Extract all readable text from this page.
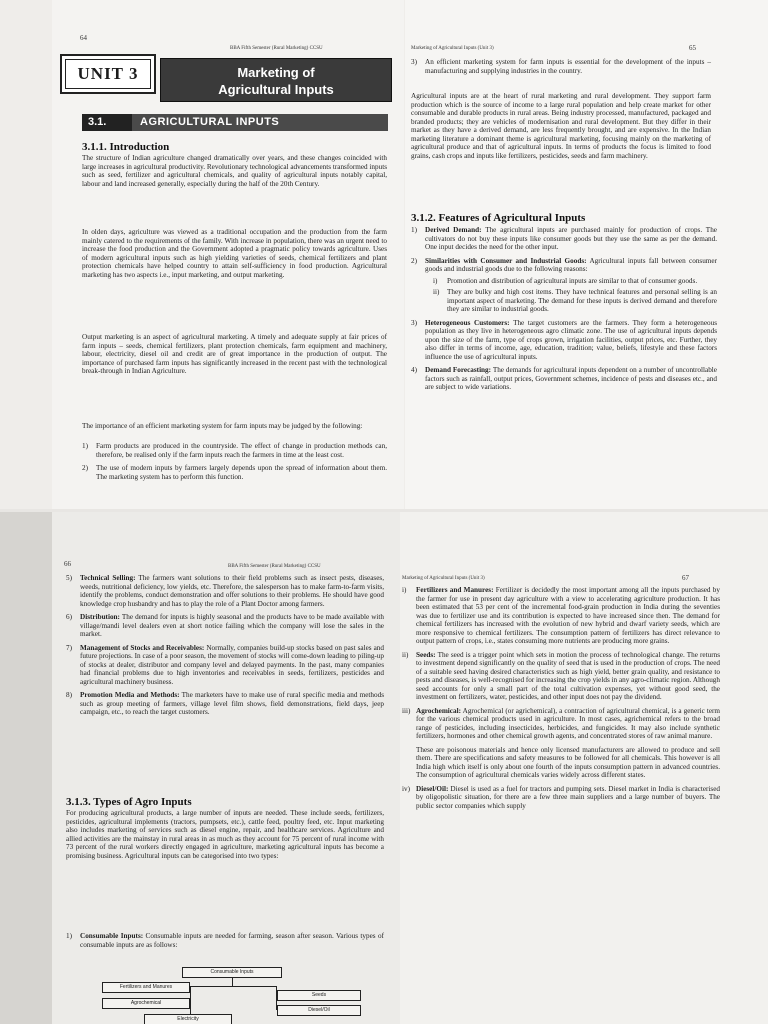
64
BBA Fifth Semester (Rural Marketing) CCSU
UNIT 3	Marketing of
Agricultural Inputs
3.1.	AGRICULTURAL INPUTS
3.1.1. Introduction
The structure of Indian agriculture changed dramatically over years, and these changes coincided with large increases in agricultural productivity. Revolutionary technological advancements transformed inputs such as seed, fertilizer and agricultural chemicals, and quality of agricultural inputs notably capital, labour and land increased generally, especially during the half of the 20th Century.
In olden days, agriculture was viewed as a traditional occupation and the production from the farm mainly catered to the requirements of the family. With increase in population, there was an urgent need to increase the food production and the Government adopted a pragmatic policy towards agriculture. Uses of modern agricultural inputs such as high yielding varieties of seeds, chemical fertilizers and plant protection chemicals have helped country to attain self-sufficiency in food production. Agricultural marketing has two aspects i.e., input marketing, and output marketing.
Output marketing is an aspect of agricultural marketing. A timely and adequate supply at fair prices of farm inputs – seeds, chemical fertilizers, plant protection chemicals, farm equipment and machinery, labour, electricity, diesel oil and credit are of great importance in the production of output. The importance of purchased farm inputs has significantly increased in the recent past with the technological break-through in Indian Agriculture.
The importance of an efficient marketing system for farm inputs may be judged by the following:
1)	Farm products are produced in the countryside. The effect of change in production methods can, therefore, be realised only if the farm inputs reach the farmers in time at the least cost.
2)	The use of modern inputs by farmers largely depends upon the spread of information about them. The marketing system has to perform this function.
Marketing of Agricultural Inputs (Unit 3)	65
3)	An efficient marketing system for farm inputs is essential for the development of the inputs – manufacturing and supplying industries in the country.
Agricultural inputs are at the heart of rural marketing and rural development. They support farm production which is the source of income to a large rural population and help create market for other consumable and durable products in rural areas. Being industry processed, manufactured, packaged and branded products; they are vehicles of modernisation and rural development. But they differ in their market as they have a derived demand, are less frequently brought, and are expensive. In the Indian marketing literature a dominant theme is agricultural marketing, focusing mainly on the marketing of agricultural produce and that of agricultural inputs. In terms of products the focus is limited to food grains, cash crops and inputs like fertilizers, pesticides, seeds and farm machinery.
3.1.2. Features of Agricultural Inputs
1)	Derived Demand: The agricultural inputs are purchased mainly for production of crops. The cultivators do not buy these inputs like consumer goods but they use the same as per the demand. One input decides the need for the other input.
2)	Similarities with Consumer and Industrial Goods: Agricultural inputs fall between consumer goods and industrial goods due to the following reasons:
i)	Promotion and distribution of agricultural inputs are similar to that of consumer goods.
ii)	They are bulky and high cost items. They have technical features and personal selling is an important aspect of marketing. The demand for these inputs is derived demand and therefore they are similar to industrial goods.
3)	Heterogeneous Customers: The target customers are the farmers. They form a heterogeneous population as they live in heterogeneous agro climatic zone. The use of agricultural inputs depends upon the size of the farm, type of crops grown, irrigation facilities, output prices, etc. Further, they also differ in terms of income, age, education, tradition; value, beliefs, lifestyle and these factors influence the use of agricultural inputs.
4)	Demand Forecasting: The demands for agricultural inputs dependent on a number of uncontrollable factors such as rainfall, output prices, Government schemes, incidence of pests and diseases etc., and are subject to wide variations.
66	BBA Fifth Semester (Rural Marketing) CCSU
5)	Technical Selling: The farmers want solutions to their field problems such as insect pests, diseases, weeds, nutritional deficiency, low yields, etc. Therefore, the salesperson has to make farm-to-farm visits, identify the problems, conduct demonstration and offer solutions to their problems. He should have good knowledge crop husbandry and has to play the role of a Plant Doctor among farmers.
6)	Distribution: The demand for inputs is highly seasonal and the products have to be made available with village/mandi level dealers even at short notice failing which the company will lose the sales in the market.
7)	Management of Stocks and Receivables: Normally, companies build-up stocks based on past sales and future projections. In case of a poor season, the movement of stocks will come-down leading to piling-up of stocks at dealer, distributor and company level and delayed payments. In the past, many companies had financial problems due to high inventories and receivables in seeds, fertilizers, pesticides and agricultural machinery business.
8)	Promotion Media and Methods: The marketers have to make use of rural specific media and methods such as group meeting of farmers, village level film shows, field demonstrations, field days, jeep campaign, etc., to reach the target customers.
3.1.3. Types of Agro Inputs
For producing agricultural products, a large number of inputs are needed. These include seeds, fertilizers, pesticides, agricultural implements (tractors, pumpsets, etc.), cattle feed, poultry feed, etc. Input marketing also includes marketing of services such as diesel engine, repair, and healthcare services. Agriculture and allied activities are the mainstay in rural areas in as much as they account for 75 percent of rural income with 73 percent of the rural workers directly engaged in agriculture, marketing agricultural inputs has become a promising business. Agricultural inputs can be categorised into two types:
1)	Consumable Inputs: Consumable inputs are needed for farming, season after season. Various types of consumable inputs are as follows:
Consumable Inputs
Fertilizers and Manures
Agrochemical
Electricity
Seeds
Diesel/Oil
Marketing of Agricultural Inputs (Unit 3)	67
i)	Fertilizers and Manures: Fertilizer is decidedly the most important among all the inputs purchased by the farmer for use in present day agriculture with a view to accelerating agriculture production. It has been estimated that 53 per cent of the incremental food-grain production in India during the seventies was due to fertilizer use and its contribution is expected to have increased since then. The demand for chemical fertilizers has increased with the evolution of new hybrid and dwarf variety seeds, which are more responsive to chemical fertilizers. The consumption pattern of fertilizers has direct relevance to output pattern of crops, i.e., states consuming more nutrients are producing more grains.
ii)	Seeds: The seed is a trigger point which sets in motion the process of technological change. The returns to investment depend significantly on the quality of seed that is used in the production of crops. The need of a suitable seed having desired characteristics such as high yield, better grain quality, and resistance to pests and diseases, is well-recognised for increasing the crop yields in any agro-climatic region. Although seed accounts for only a small part of the total cultivation expenses, yet without good seed, the investment on fertilizers, water, pesticides, and other input does not pay the dividend.
iii) Agrochemical: Agrochemical (or agrichemical), a contraction of agricultural chemical, is a generic term for the various chemical products used in agriculture. In most cases, agrichemical refers to the broad range of pesticides, including insecticides, herbicides, and fungicides. It may also include synthetic fertilizers, hormones and other chemical growth agents, and concentrated stores of raw animal manure.
These are poisonous materials and hence only licensed manufacturers are allowed to produce and sell them. There are specifications and safety measures to be followed for all chemicals. This however is all India high which itself is only about one fourth of the inputs consumption pattern in advanced countries. The consumption of agricultural chemicals varies widely across different states.
iv) Diesel/Oil: Diesel is used as a fuel for tractors and pumping sets. Diesel market in India is characterised by oligopolistic situation, for there are a few three main suppliers and a large number of buyers. The public sector companies which supply
